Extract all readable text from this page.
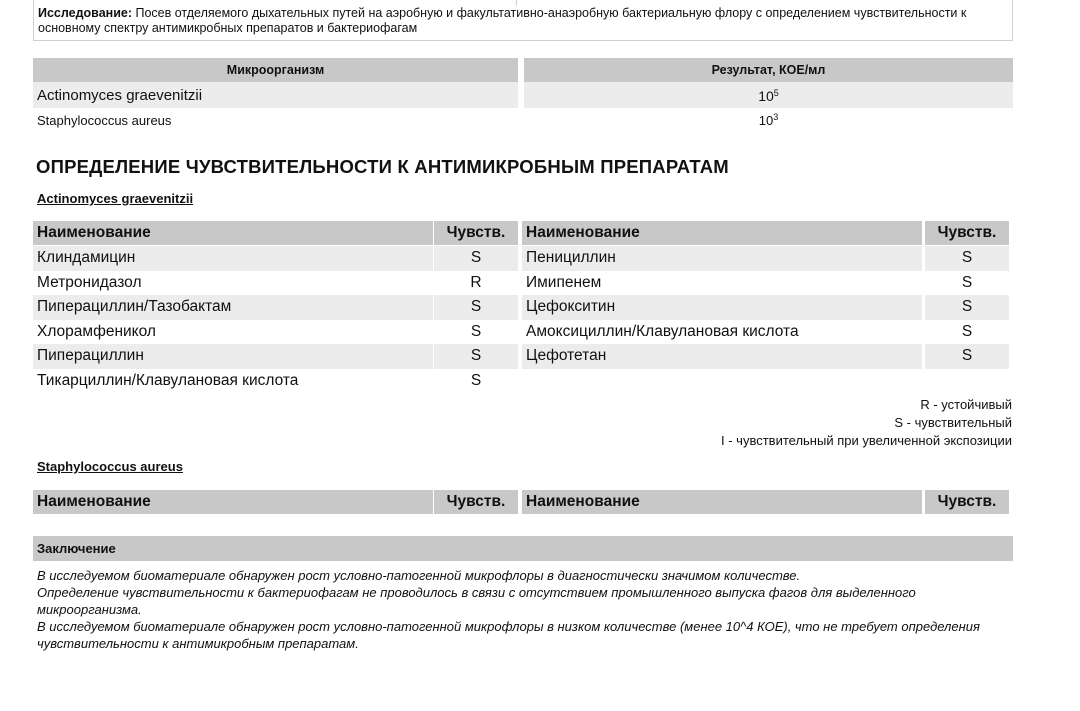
Исследование: Посев отделяемого дыхательных путей на аэробную и факультативно-анаэробную бактериальную флору с определением чувствительности к основному спектру антимикробных препаратов и бактериофагам
Микроорганизм	Результат, КОЕ/мл
Actinomyces graevenitzii	$10^5$
Staphylococcus aureus	$10^3$
ОПРЕДЕЛЕНИЕ ЧУВСТВИТЕЛЬНОСТИ К АНТИМИКРОБНЫМ ПРЕПАРАТАМ
Actinomyces graevenitzii
Наименование	Чувств.	Наименование	Чувств.
Клиндамицин	S	Пенициллин	S
Метронидазол	R	Имипенем	S
Пиперациллин/Тазобактам	S	Цефокситин	S
Хлорамфеникол	S	Амоксициллин/Клавулановая кислота	S
Пиперациллин	S	Цефотетан	S
Тикарциллин/Клавулановая кислота	S
R - устойчивый
S - чувствительный
I - чувствительный при увеличенной экспозиции
Staphylococcus aureus
Наименование	Чувств.	Наименование	Чувств.
Заключение

В исследуемом биоматериале обнаружен рост условно-патогенной микрофлоры в диагностически значимом количестве.

Определение чувствительности к бактериофагам не проводилось в связи с отсутствием промышленного выпуска фагов для выделенного микроорганизма.

В исследуемом биоматериале обнаружен рост условно-патогенной микрофлоры в низком количестве (менее 10^4 КОЕ), что не требует определения чувствительности к антимикробным препаратам.
